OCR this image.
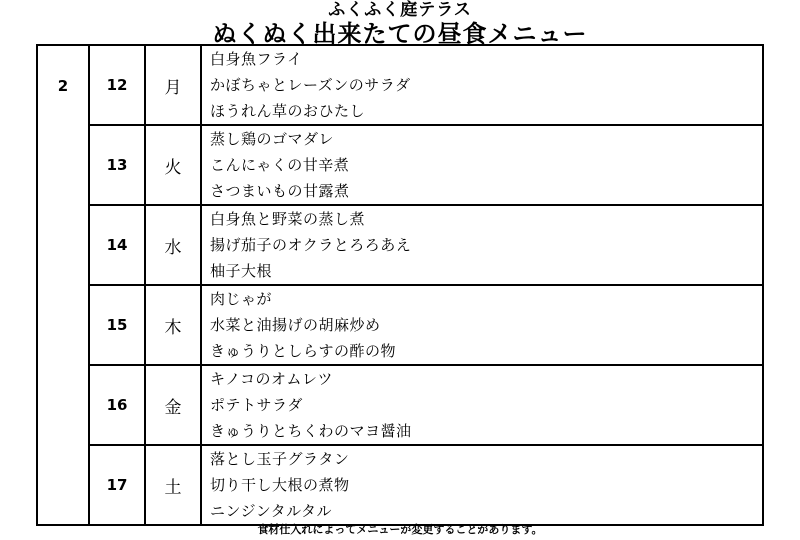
ふくふく庭テラス
ぬくぬく出来たての昼食メニュー
2	12	月	白身魚フライ
かぼちゃとレーズンのサラダ
ほうれん草のおひたし

	13	火	蒸し鶏のゴマダレ
こんにゃくの甘辛煮
さつまいもの甘露煮

	14	水	白身魚と野菜の蒸し煮
揚げ茄子のオクラとろろあえ
柚子大根

	15	木	肉じゃが
水菜と油揚げの胡麻炒め
きゅうりとしらすの酢の物

	16	金	キノコのオムレツ
ポテトサラダ
きゅうりとちくわのマヨ醤油

	17	土	落とし玉子グラタン
切り干し大根の煮物
ニンジンタルタル
食材仕入れによってメニューが変更することがあります。
